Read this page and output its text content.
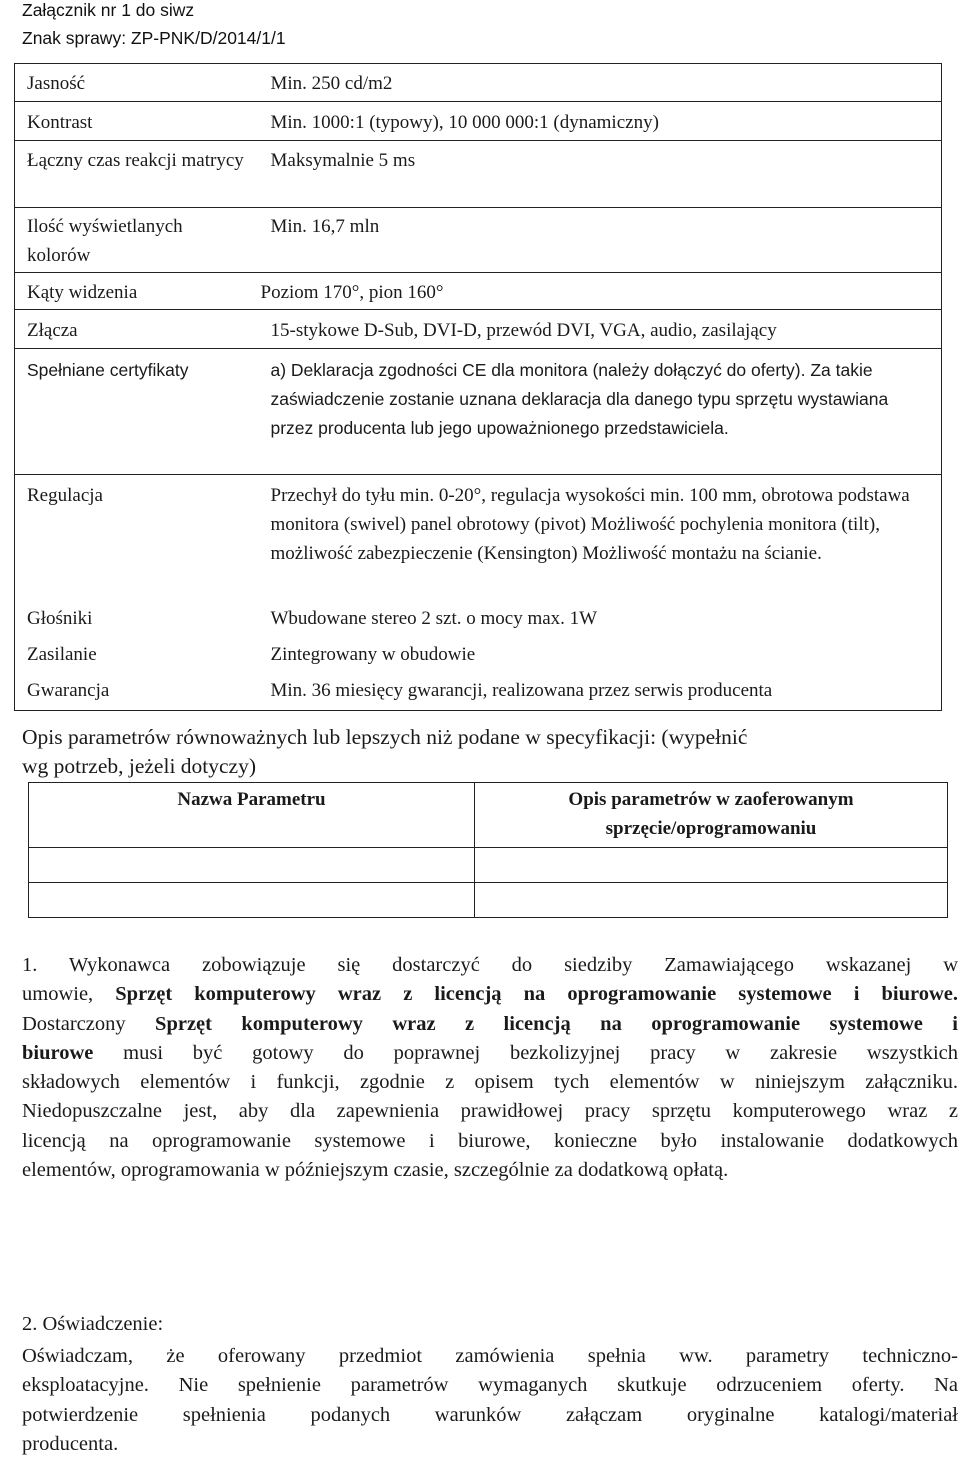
Załącznik nr 1 do siwz
Znak sprawy: ZP-PNK/D/2014/1/1
Jasność	Min. 250 cd/m2
Kontrast	Min. 1000:1 (typowy), 10 000 000:1 (dynamiczny)
Łączny czas reakcji matrycy	Maksymalnie 5 ms
Ilość wyświetlanych kolorów	Min. 16,7 mln
Kąty widzenia	Poziom 170°, pion 160°
Złącza	15-stykowe D-Sub, DVI-D, przewód DVI, VGA, audio, zasilający
Spełniane certyfikaty	a) Deklaracja zgodności CE dla monitora (należy dołączyć do oferty). Za takie zaświadczenie zostanie uznana deklaracja dla danego typu sprzętu wystawiana przez producenta lub jego upoważnionego przedstawiciela.
Regulacja	Przechył do tyłu min. 0-20°, regulacja wysokości min. 100 mm, obrotowa podstawa monitora (swivel) panel obrotowy (pivot) Możliwość pochylenia monitora (tilt), możliwość zabezpieczenie (Kensington) Możliwość montażu na ścianie.
Głośniki	Wbudowane stereo 2 szt. o mocy max. 1W
Zasilanie	Zintegrowany w obudowie
Gwarancja	Min. 36 miesięcy gwarancji, realizowana przez serwis producenta
Opis parametrów równoważnych lub lepszych niż podane w specyfikacji: (wypełnić
wg potrzeb, jeżeli dotyczy)
Nazwa Parametru	Opis parametrów w zaoferowanym sprzęcie/oprogramowaniu

1. Wykonawca zobowiązuje się dostarczyć do siedziby Zamawiającego wskazanej w
umowie, Sprzęt komputerowy wraz z licencją na oprogramowanie systemowe i biurowe.
Dostarczony Sprzęt komputerowy wraz z licencją na oprogramowanie systemowe i
biurowe musi być gotowy do poprawnej bezkolizyjnej pracy w zakresie wszystkich
składowych elementów i funkcji, zgodnie z opisem tych elementów w niniejszym załączniku.
Niedopuszczalne jest, aby dla zapewnienia prawidłowej pracy sprzętu komputerowego wraz z
licencją na oprogramowanie systemowe i biurowe, konieczne było instalowanie dodatkowych
elementów, oprogramowania w późniejszym czasie, szczególnie za dodatkową opłatą.
2. Oświadczenie:
Oświadczam, że oferowany przedmiot zamówienia spełnia ww. parametry techniczno-
eksploatacyjne. Nie spełnienie parametrów wymaganych skutkuje odrzuceniem oferty. Na
potwierdzenie spełnienia podanych warunków załączam oryginalne katalogi/materiał
producenta.
